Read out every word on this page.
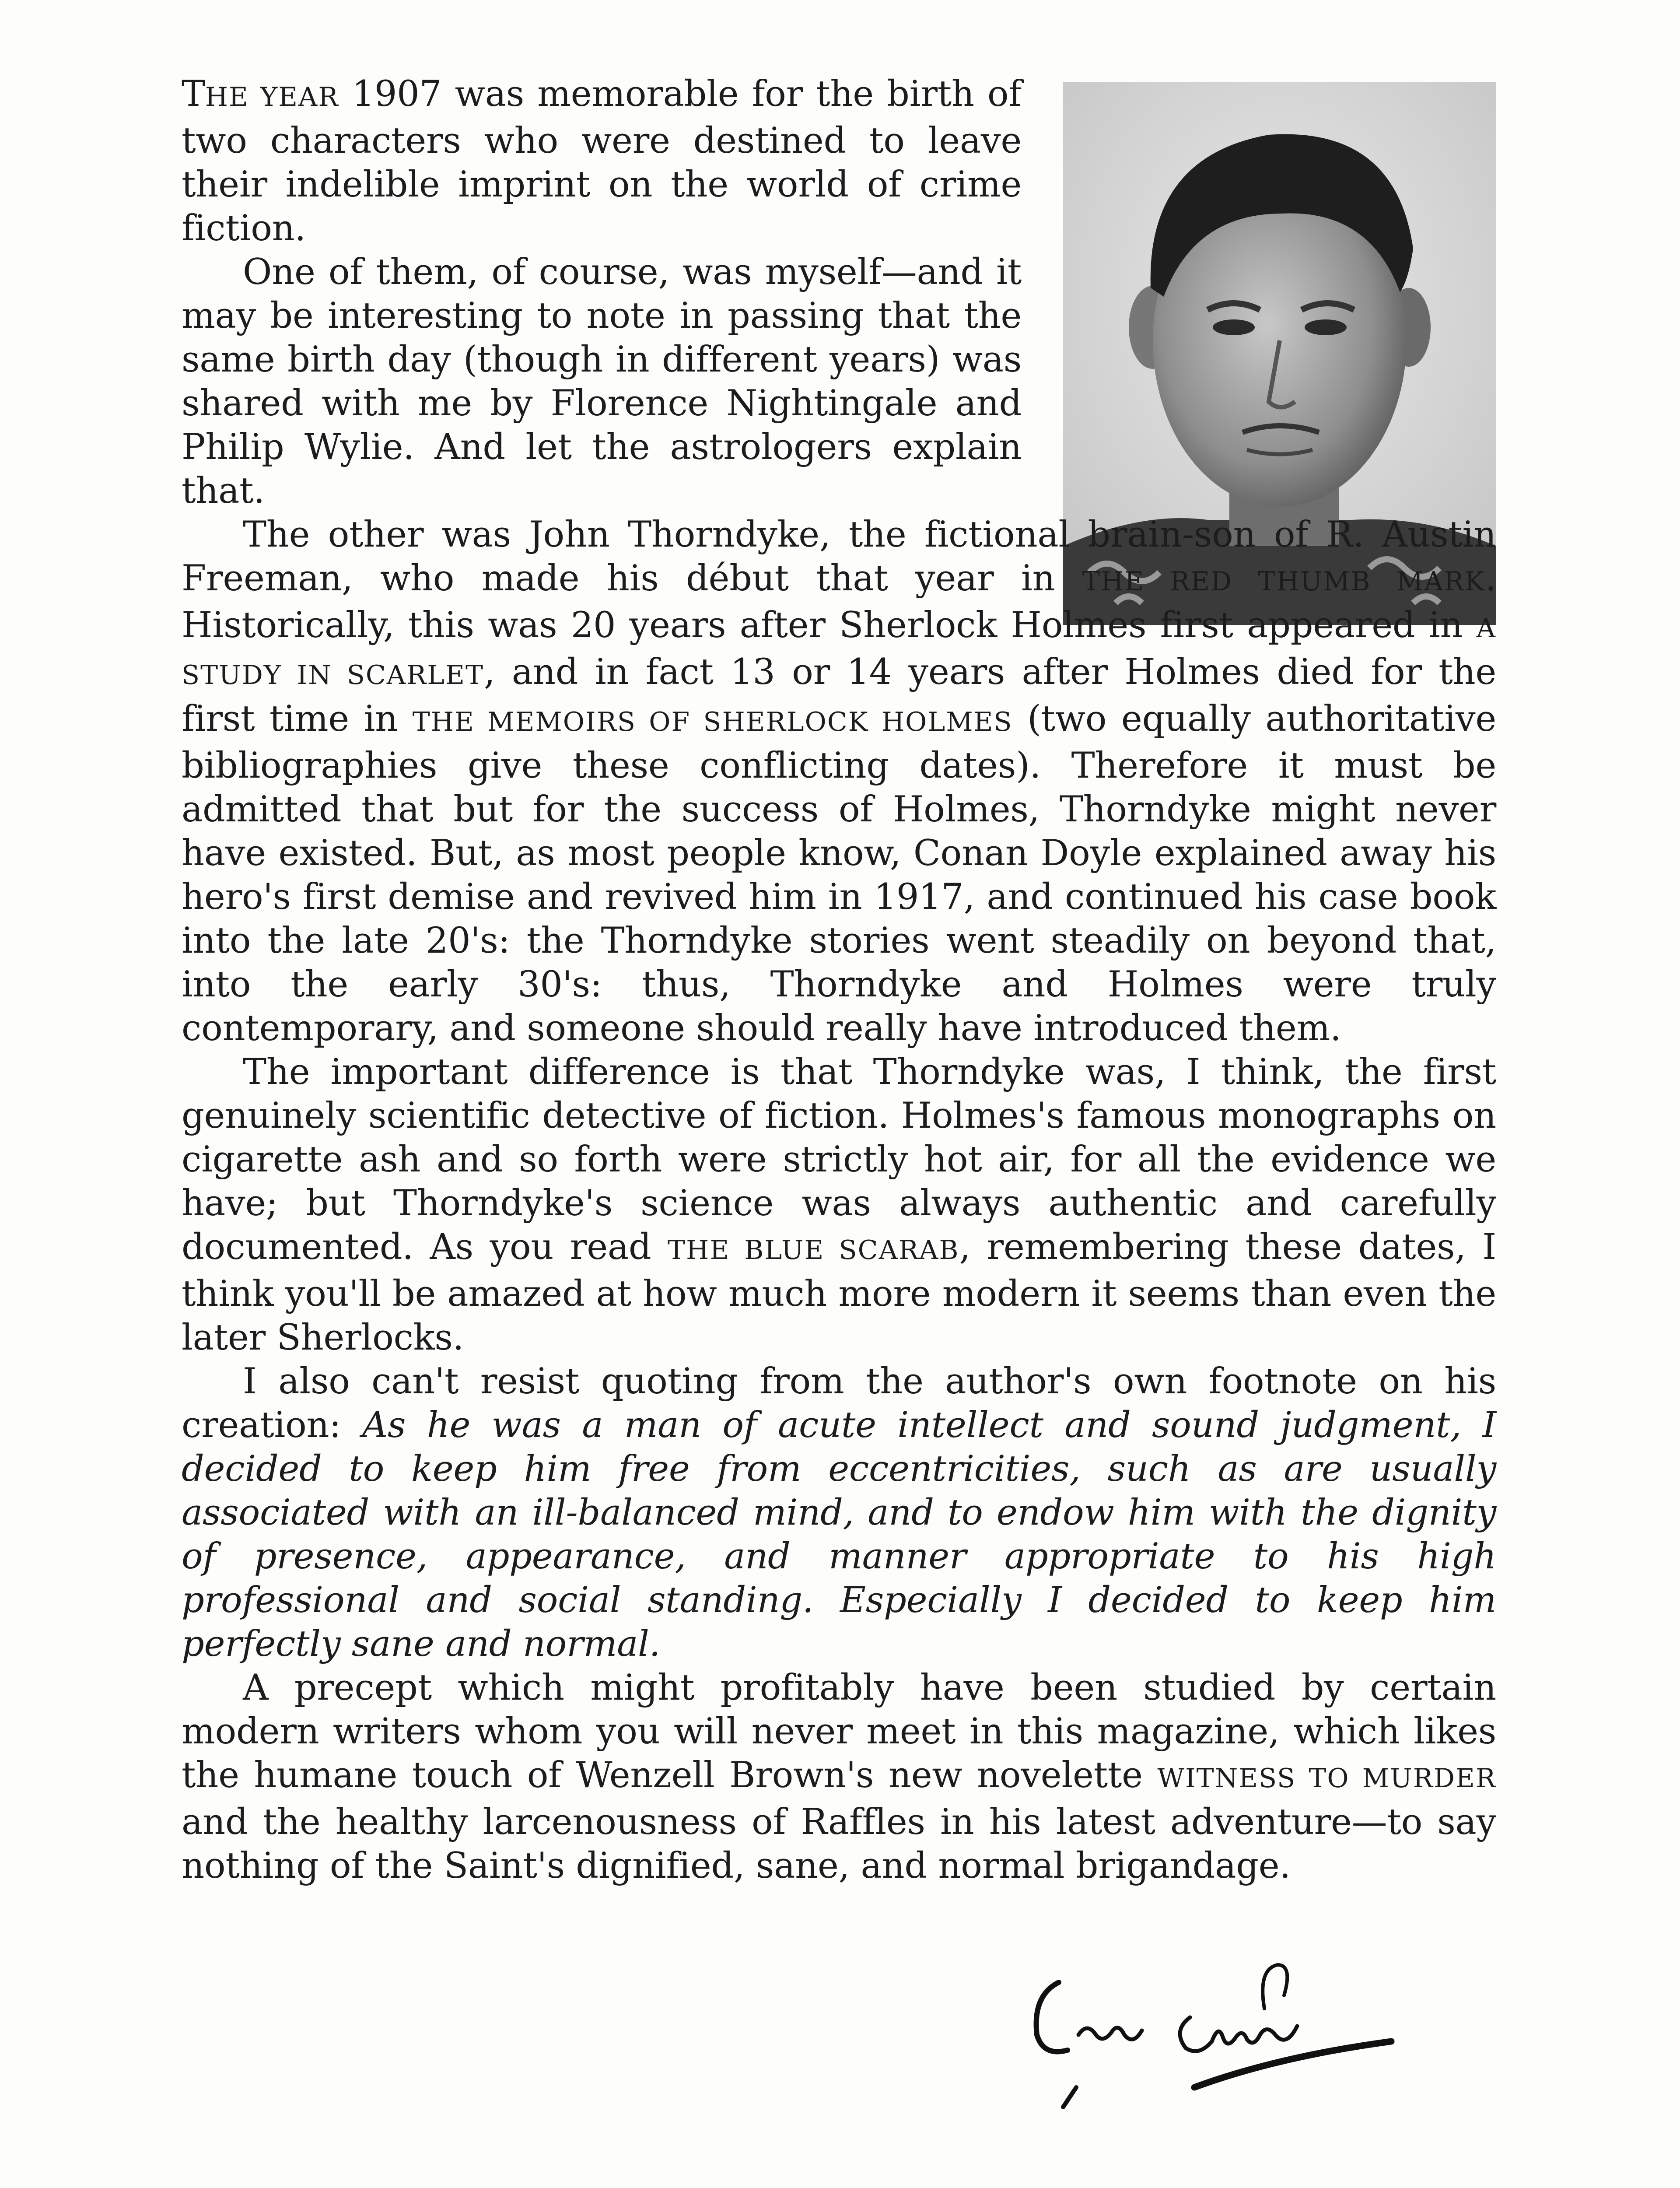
THE YEAR 1907 was memorable for the birth of two characters who were destined to leave their indelible imprint on the world of crime fiction.

One of them, of course, was myself—and it may be interesting to note in passing that the same birth day (though in different years) was shared with me by Florence Nightingale and Philip Wylie. And let the astrologers explain that.

The other was John Thorndyke, the fictional brain-son of R. Austin Freeman, who made his début that year in THE RED THUMB MARK. Historically, this was 20 years after Sherlock Holmes first appeared in A STUDY IN SCARLET, and in fact 13 or 14 years after Holmes died for the first time in THE MEMOIRS OF SHERLOCK HOLMES (two equally authoritative bibliographies give these conflicting dates). Therefore it must be admitted that but for the success of Holmes, Thorndyke might never have existed. But, as most people know, Conan Doyle explained away his hero's first demise and revived him in 1917, and continued his case book into the late 20's: the Thorndyke stories went steadily on beyond that, into the early 30's: thus, Thorndyke and Holmes were truly contemporary, and someone should really have introduced them.

The important difference is that Thorndyke was, I think, the first genuinely scientific detective of fiction. Holmes's famous monographs on cigarette ash and so forth were strictly hot air, for all the evidence we have; but Thorndyke's science was always authentic and carefully documented. As you read THE BLUE SCARAB, remembering these dates, I think you'll be amazed at how much more modern it seems than even the later Sherlocks.

I also can't resist quoting from the author's own footnote on his creation: As he was a man of acute intellect and sound judgment, I decided to keep him free from eccentricities, such as are usually associated with an ill-balanced mind, and to endow him with the dignity of presence, appearance, and manner appropriate to his high professional and social standing. Especially I decided to keep him perfectly sane and normal.

A precept which might profitably have been studied by certain modern writers whom you will never meet in this magazine, which likes the humane touch of Wenzell Brown's new novelette WITNESS TO MURDER and the healthy larcenousness of Raffles in his latest adventure—to say nothing of the Saint's dignified, sane, and normal brigandage.
